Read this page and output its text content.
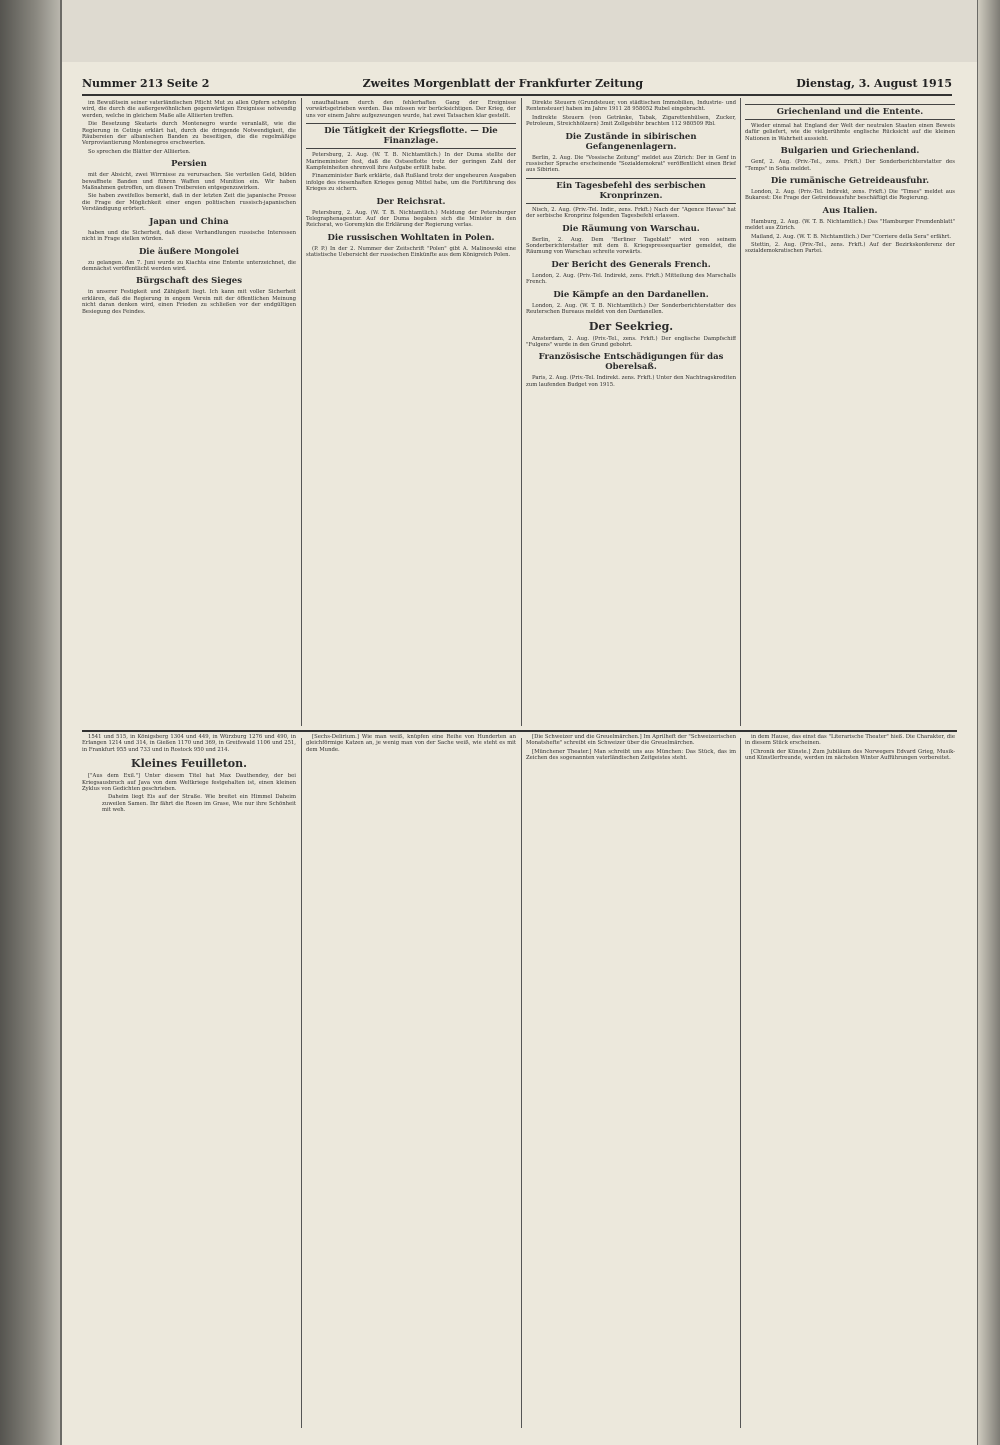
Nummer 213 Seite 2	Zweites Morgenblatt der Frankfurter Zeitung	Dienstag, 3. August 1915

im Bewußtsein seiner vaterländischen Pflicht Mut zu allen Opfern schöpfen wird, die durch die außergewöhnlichen gegenwärtigen Ereignisse notwendig werden, welche in gleichem Maße alle Alliierten treffen.

Die Besetzung Skutaris durch Montenegro wurde veranlaßt, wie die Regierung in Cetinje erklärt hat, durch die dringende Notwendigkeit, die Räubereien der albanischen Banden zu beseitigen, die die regelmäßige Verproviantierung Montenegros erschwerten.

So sprechen die Blätter der Alliierten.

Persien

mit der Absicht, zwei Wirrnisse zu verursachen. Sie verteilen Geld, bilden bewaffnete Banden und führen Waffen und Munition ein. Wir haben Maßnahmen getroffen, um diesen Treibereien entgegenzuwirken.

Sie haben zweifellos bemerkt, daß in der letzten Zeit die japanische Presse die Frage der Möglichkeit einer engen politischen russisch-japanischen Verständigung erörtert.

Japan und China

haben und die Sicherheit, daß diese Verhandlungen russische Interessen nicht in Frage stellen würden.

Die äußere Mongolei

zu gelangen. Am 7. Juni wurde zu Kiachta eine Entente unterzeichnet, die demnächst veröffentlicht werden wird.

Bürgschaft des Sieges

in unserer Festigkeit und Zähigkeit liegt. Ich kann mit voller Sicherheit erklären, daß die Regierung in engem Verein mit der öffentlichen Meinung nicht daran denken wird, einen Frieden zu schließen vor der endgültigen Besiegung des Feindes.

unaufhaltsam durch den fehlerhaften Gang der Ereignisse vorwärtsgetrieben werden. Das müssen wir berücksichtigen. Der Krieg, der uns vor einem Jahre aufgezwungen wurde, hat zwei Tatsachen klar gestellt.

Die Tätigkeit der Kriegsflotte. — Die Finanzlage.

Petersburg, 2. Aug. (W. T. B. Nichtamtlich.) In der Duma stellte der Marineminister fest, daß die Ostseeflotte trotz der geringen Zahl der Kampfeinheiten ehrenvoll ihre Aufgabe erfüllt habe.

Finanzminister Bark erklärte, daß Rußland trotz der ungeheuren Ausgaben infolge des riesenhaften Krieges genug Mittel habe, um die Fortführung des Krieges zu sichern.

Der Reichsrat.

Petersburg, 2. Aug. (W. T. B. Nichtamtlich.) Meldung der Petersburger Telegraphenagentur. Auf der Duma begaben sich die Minister in den Reichsrat, wo Goremykin die Erklärung der Regierung verlas.

Die russischen Wohltaten in Polen.

(P. P.) In der 2. Nummer der Zeitschrift "Polen" gibt A. Malinowski eine statistische Uebersicht der russischen Einkünfte aus dem Königreich Polen.

Direkte Steuern (Grundsteuer, von städtischen Immobilien, Industrie- und Rentensteuer) haben im Jahre 1911 28 958052 Rubel eingebracht.

Indirekte Steuern (von Getränke, Tabak, Zigarettenhülsen, Zucker, Petroleum, Streichhölzern) 3mit Zollgebühr brachten 112 980509 Rbl.

Die Zustände in sibirischen Gefangenenlagern.

Berlin, 2. Aug. Die "Vossische Zeitung" meldet aus Zürich: Der in Genf in russischer Sprache erscheinende "Sozialdemokrat" veröffentlicht einen Brief aus Sibirien.

Ein Tagesbefehl des serbischen Kronprinzen.

Nisch, 2. Aug. (Priv.-Tel. Indir., zens. Frkft.) Nach der "Agence Havas" hat der serbische Kronprinz folgenden Tagesbefehl erlassen.

Die Räumung von Warschau.

Berlin, 2. Aug. Dem "Berliner Tageblatt" wird von seinem Sonderberichterstatter mit dem 8. Kriegspressequartier gemeldet, die Räumung von Warschau schreite vorwärts.

Der Bericht des Generals French.

London, 2. Aug. (Priv.-Tel. Indirekt, zens. Frkft.) Mitteilung des Marschalls French.

Die Kämpfe an den Dardanellen.

London, 2. Aug. (W. T. B. Nichtamtlich.) Der Sonderberichterstatter des Reuterschen Bureaus meldet von den Dardanellen.

Der Seekrieg.

Amsterdam, 2. Aug. (Priv.-Tel., zens. Frkft.) Der englische Dampfschiff "Fulgens" wurde in den Grund gebohrt.

Französische Entschädigungen für das Oberelsaß.

Paris, 2. Aug. (Priv.-Tel. Indirekt. zens. Frkft.) Unter den Nachtragskrediten zum laufenden Budget von 1915.

Griechenland und die Entente.

Wieder einmal hat England der Welt der neutralen Staaten einen Beweis dafür geliefert, wie die vielgerühmte englische Rücksicht auf die kleinen Nationen in Wahrheit aussieht.

Bulgarien und Griechenland.

Genf, 2. Aug. (Priv.-Tel., zens. Frkft.) Der Sonderberichterstatter des "Temps" in Sofia meldet.

Die rumänische Getreideausfuhr.

London, 2. Aug. (Priv.-Tel. Indirekt, zens. Frkft.) Die "Times" meldet aus Bukarest: Die Frage der Getreideausfuhr beschäftigt die Regierung.

Aus Italien.

Hamburg, 2. Aug. (W. T. B. Nichtamtlich.) Das "Hamburger Fremdenblatt" meldet aus Zürich.

Mailand, 2. Aug. (W. T. B. Nichtamtlich.) Der "Corriere della Sera" erfährt.

Stettin, 2. Aug. (Priv.-Tel., zens. Frkft.) Auf der Bezirkskonferenz der sozialdemokratischen Partei.

1541 und 515, in Königsberg 1304 und 449, in Würzburg 1276 und 490, in Erlangen 1214 und 314, in Gießen 1170 und 369, in Greifswald 1106 und 251, in Frankfurt 955 und 733 und in Rostock 950 und 214.

Kleines Feuilleton.

["Aus dem Exil."] Unter diesem Titel hat Max Dauthendey, der bei Kriegsausbruch auf Java von dem Weltkriege festgehalten ist, einen kleinen Zyklus von Gedichten geschrieben.

Daheim liegt Eis auf der Straße. Wie breitet ein Himmel Daheim zuweilen Samen. Ihr fährt die Rosen im Grase, Wie nur ihre Schönheit mit weh.

[Sechs-Delirium.] Wie man weiß, knüpfen eine Reihe von Hunderten an gleichförmige Katzen an, je wenig man von der Sache weiß, wie steht es mit dem Munde.

[Die Schweizer und die Greuelmärchen.] Im Aprilheft der "Schweizerischen Monatshefte" schreibt ein Schweizer über die Greuelmärchen.

[Münchener Theater.] Man schreibt uns aus München: Das Stück, das im Zeichen des sogenannten vaterländischen Zeitgeistes steht.

in dem Hause, das einst das "Literarische Theater" hieß. Die Charakter, die in diesem Stück erscheinen.

[Chronik der Künste.] Zum Jubiläum des Norwegers Edvard Grieg, Musik- und Künstlerfreunde, werden im nächsten Winter Aufführungen vorbereitet.
